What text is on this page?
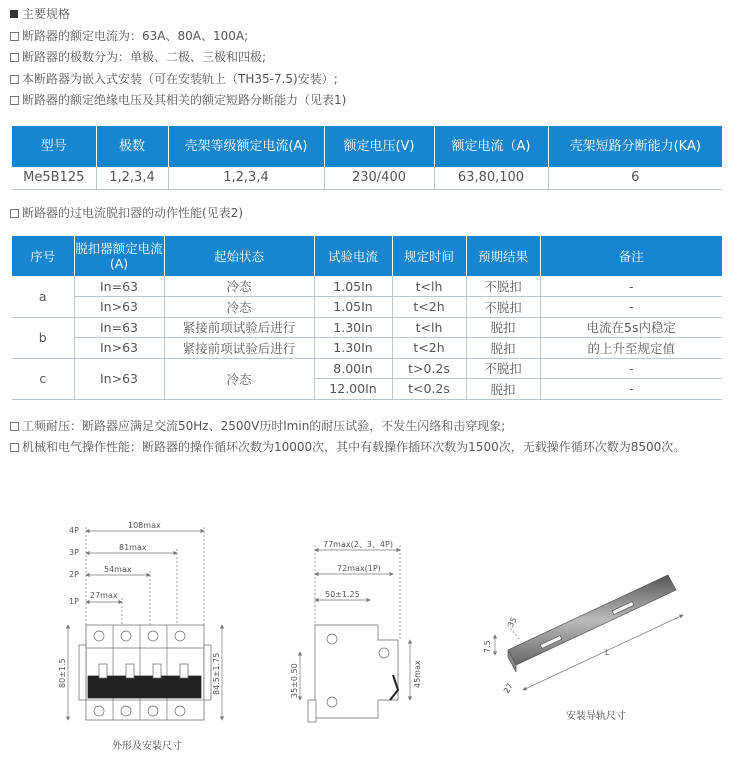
主要规格
断路器的额定电流为：63A、80A、100A;
断路器的极数分为：单极、二极、三极和四极;
本断路器为嵌入式安装（可在安装轨上（TH35-7.5)安装）;
断路器的额定绝缘电压及其相关的额定短路分断能力（见表1)
型号	极数	壳架等级额定电流(A)	额定电压(V)	额定电流（A)	壳架短路分断能力(KA)
Me5B125	1,2,3,4	1,2,3,4	230/400	63,80,100	6
断路器的过电流脱扣器的动作性能(见表2)
序号	脱扣器额定电流(A)	起始状态	试验电流	规定时间	预期结果	备注
a	In=63	冷态	1.05In	t<lh	不脱扣	-
	In>63	冷态	1.05In	t<2h	不脱扣	-
b	In=63	紧接前项试验后进行	1.30In	t<lh	脱扣	电流在5s内稳定
	In>63	紧接前项试验后进行	1.30In	t<2h	脱扣	的上升至规定值
c	In>63	冷态	8.00In	t>0.2s	不脱扣	-
			12.00In	t<0.2s	脱扣	-
工频耐压：断路器应满足交流50Hz、2500V历时lmin的耐压试验，不发生闪络和击穿现象;
机械和电气操作性能：断路器的操作循环次数为10000次，其中有载操作插环次数为1500次，无载操作循环次数为8500次。
4P
3P
2P
1P
108max
81max
54max
27max
80±1.5	84.5±1.75
外形及安装尺寸
77max(2、3、4P)
72max(1P)
50±1.25
35±0.50	45max
7.5
35
L
27
安装导轨尺寸
